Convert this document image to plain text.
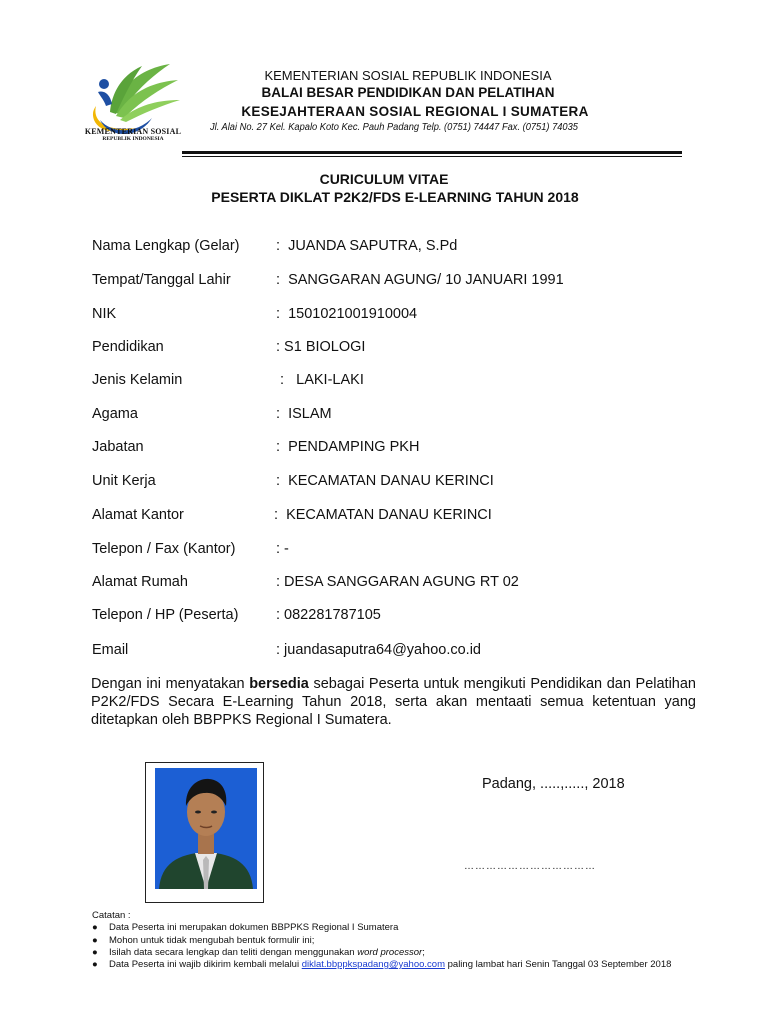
KEMENTERIAN SOSIAL
REPUBLIK INDONESIA
KEMENTERIAN SOSIAL REPUBLIK INDONESIA
BALAI BESAR PENDIDIKAN DAN PELATIHAN
KESEJAHTERAAN SOSIAL REGIONAL I SUMATERA
Jl. Alai No. 27 Kel. Kapalo Koto Kec. Pauh Padang Telp. (0751) 74447 Fax. (0751) 74035
CURICULUM VITAE
PESERTA DIKLAT P2K2/FDS E-LEARNING TAHUN 2018
Nama Lengkap (Gelar)	:  JUANDA SAPUTRA, S.Pd
Tempat/Tanggal Lahir	:  SANGGARAN AGUNG/ 10 JANUARI 1991
NIK	:  1501021001910004
Pendidikan	: S1 BIOLOGI
Jenis Kelamin	:   LAKI-LAKI
Agama	:  ISLAM
Jabatan	:  PENDAMPING PKH
Unit Kerja	:  KECAMATAN DANAU KERINCI
Alamat Kantor	:  KECAMATAN DANAU KERINCI
Telepon / Fax (Kantor)	: -
Alamat Rumah	: DESA SANGGARAN AGUNG RT 02
Telepon / HP (Peserta)	: 082281787105
Email	: juandasaputra64@yahoo.co.id
Dengan ini menyatakan bersedia sebagai Peserta untuk mengikuti Pendidikan dan Pelatihan P2K2/FDS Secara E-Learning Tahun 2018, serta akan mentaati semua ketentuan yang ditetapkan oleh BBPPKS Regional I Sumatera.
Padang, .....,....., 2018
………………………………
Catatan :
● Data Peserta ini merupakan dokumen BBPPKS Regional I Sumatera
● Mohon untuk tidak mengubah bentuk formulir ini;
● Isilah data secara lengkap dan teliti dengan menggunakan word processor;
● Data Peserta ini wajib dikirim kembali melalui diklat.bbppkspadang@yahoo.com paling lambat hari Senin Tanggal 03 September 2018
